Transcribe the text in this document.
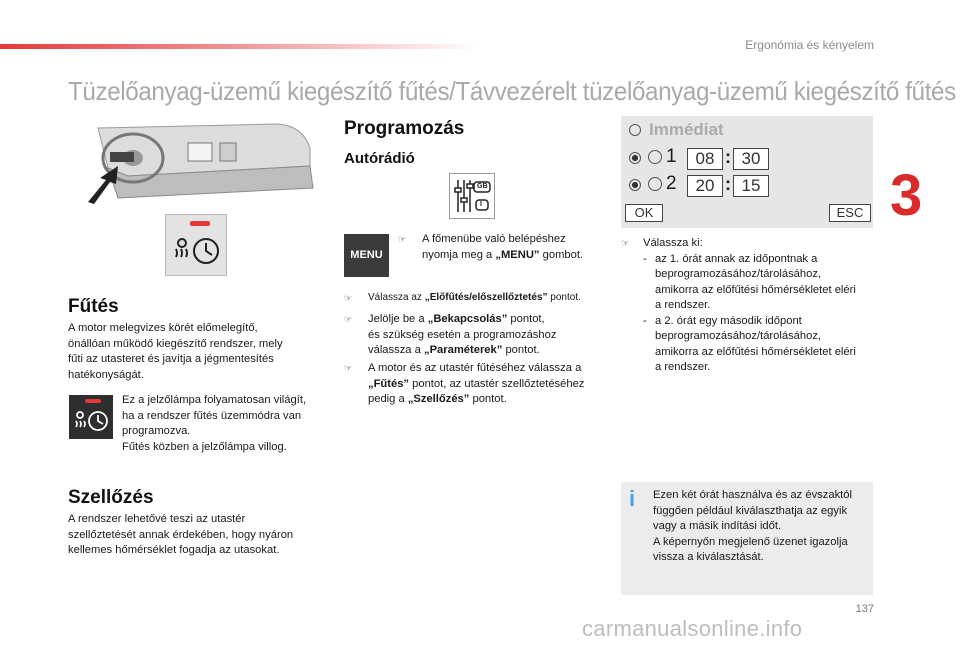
Ergonómia és kényelem
Tüzelőanyag-üzemű kiegészítő fűtés/Távvezérelt tüzelőanyag-üzemű kiegészítő fűtés
3
Fűtés
A motor melegvizes körét előmelegítő,
önállóan működő kiegészítő rendszer, mely
fűti az utasteret és javítja a jégmentesítés
hatékonyságát.
Ez a jelzőlámpa folyamatosan világít,
ha a rendszer fűtés üzemmódra van
programozva.
Fűtés közben a jelzőlámpa villog.
Szellőzés
A rendszer lehetővé teszi az utastér
szellőztetését annak érdekében, hogy nyáron
kellemes hőmérséklet fogadja az utasokat.
Programozás
Autórádió
GB
I
MENU
☞ A főmenübe való belépéshez
nyomja meg a „MENU” gombot.
☞ Válassza az „Előfűtés/előszellőztetés” pontot.
☞ Jelölje be a „Bekapcsolás” pontot,
és szükség esetén a programozáshoz
válassza a „Paraméterek” pontot.
☞ A motor és az utastér fűtéséhez válassza a
„Fűtés” pontot, az utastér szellőztetéséhez
pedig a „Szellőzés” pontot.
Immédiat
1	08 : 30
2	20 : 15
OK	ESC
☞ Válassza ki:
- az 1. órát annak az időpontnak a
beprogramozásához/tárolásához,
amikorra az előfűtési hőmérsékletet eléri
a rendszer.
- a 2. órát egy második időpont
beprogramozásához/tárolásához,
amikorra az előfűtési hőmérsékletet eléri
a rendszer.
i Ezen két órát használva és az évszaktól
függően például kiválaszthatja az egyik
vagy a másik indítási időt.
A képernyőn megjelenő üzenet igazolja
vissza a kiválasztását.
137
carmanualsonline.info
